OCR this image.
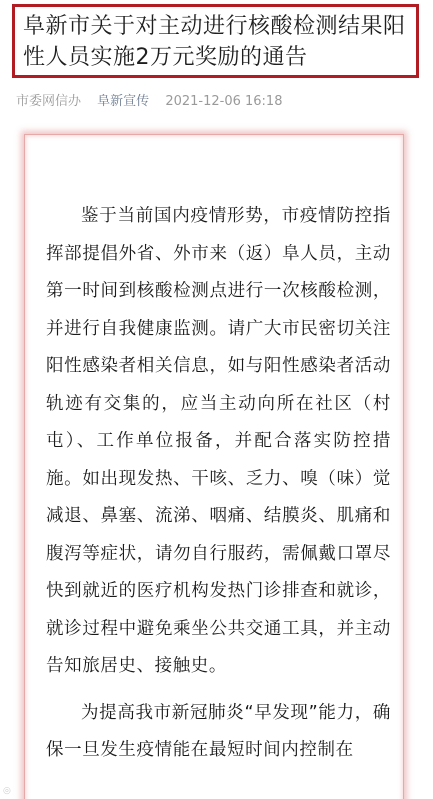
阜新市关于对主动进行核酸检测结果阳性人员实施2万元奖励的通告
市委网信办 阜新宣传 2021-12-06 16:18

鉴于当前国内疫情形势，市疫情防控指挥部提倡外省、外市来（返）阜人员，主动第一时间到核酸检测点进行一次核酸检测，并进行自我健康监测。请广大市民密切关注阳性感染者相关信息，如与阳性感染者活动轨迹有交集的，应当主动向所在社区（村屯）、工作单位报备，并配合落实防控措施。如出现发热、干咳、乏力、嗅（味）觉减退、鼻塞、流涕、咽痛、结膜炎、肌痛和腹泻等症状，请勿自行服药，需佩戴口罩尽快到就近的医疗机构发热门诊排查和就诊，就诊过程中避免乘坐公共交通工具，并主动告知旅居史、接触史。

为提高我市新冠肺炎“早发现”能力，确保一旦发生疫情能在最短时间内控制在

◎
